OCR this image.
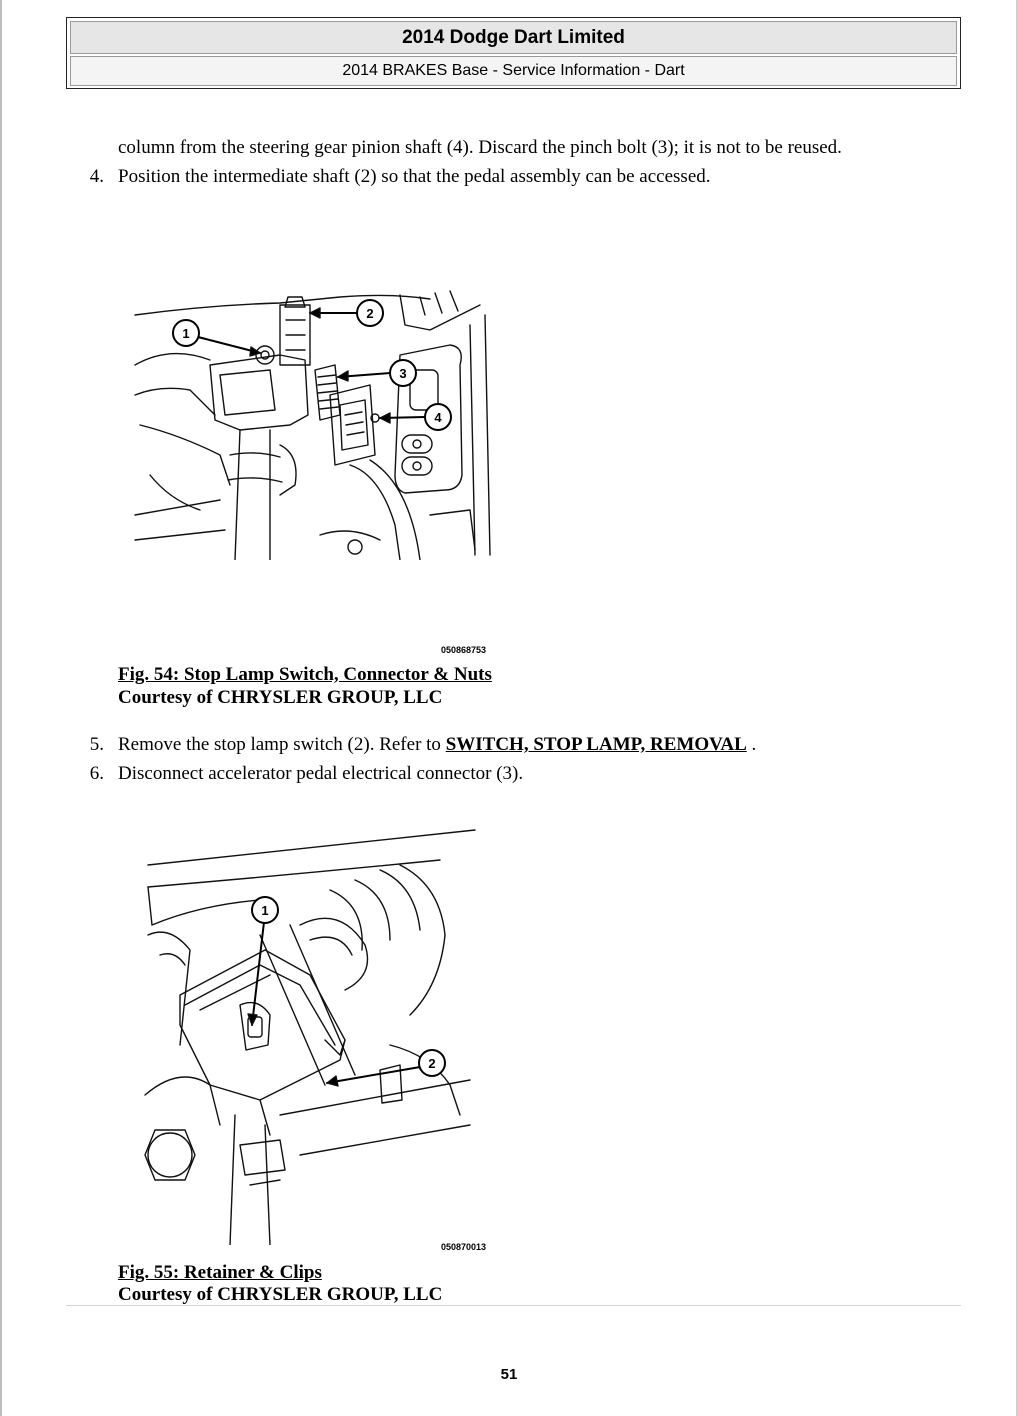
2014 Dodge Dart Limited
2014 BRAKES Base - Service Information - Dart
column from the steering gear pinion shaft (4). Discard the pinch bolt (3); it is not to be reused.
4. Position the intermediate shaft (2) so that the pedal assembly can be accessed.
1
2
3
4
050868753
Fig. 54: Stop Lamp Switch, Connector & Nuts
Courtesy of CHRYSLER GROUP, LLC
5. Remove the stop lamp switch (2). Refer to SWITCH, STOP LAMP, REMOVAL .
6. Disconnect accelerator pedal electrical connector (3).
1
2
050870013
Fig. 55: Retainer & Clips
Courtesy of CHRYSLER GROUP, LLC
51
